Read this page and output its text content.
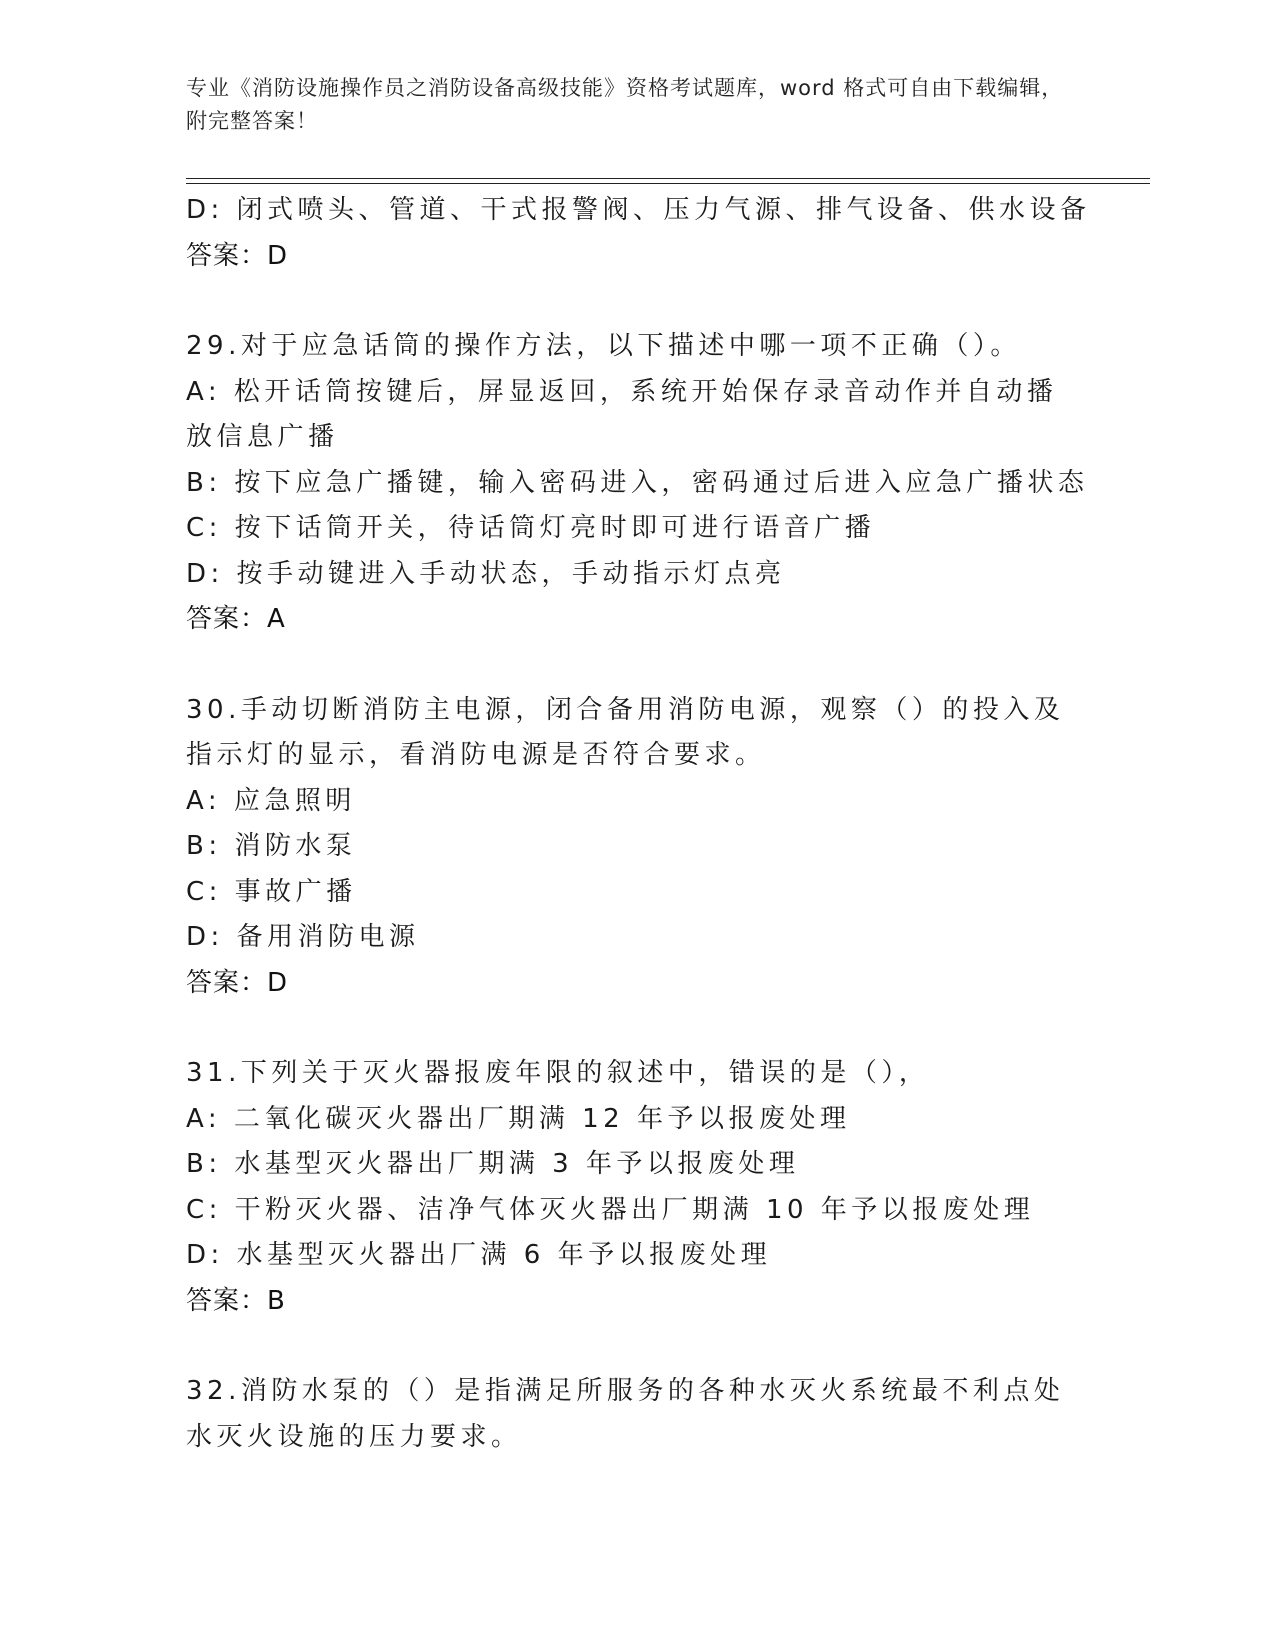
专业《消防设施操作员之消防设备高级技能》资格考试题库，word 格式可自由下载编辑，附完整答案！
D: 闭式喷头、管道、干式报警阀、压力气源、排气设备、供水设备
答案：D
29.对于应急话筒的操作方法，以下描述中哪一项不正确（）。
A: 松开话筒按键后，屏显返回，系统开始保存录音动作并自动播放信息广播
B: 按下应急广播键，输入密码进入，密码通过后进入应急广播状态
C: 按下话筒开关，待话筒灯亮时即可进行语音广播
D: 按手动键进入手动状态，手动指示灯点亮
答案：A
30.手动切断消防主电源，闭合备用消防电源，观察（）的投入及指示灯的显示，看消防电源是否符合要求。
A: 应急照明
B: 消防水泵
C: 事故广播
D: 备用消防电源
答案：D
31.下列关于灭火器报废年限的叙述中，错误的是（），
A: 二氧化碳灭火器出厂期满 12 年予以报废处理
B: 水基型灭火器出厂期满 3 年予以报废处理
C: 干粉灭火器、洁净气体灭火器出厂期满 10 年予以报废处理
D: 水基型灭火器出厂满 6 年予以报废处理
答案：B
32.消防水泵的（）是指满足所服务的各种水灭火系统最不利点处水灭火设施的压力要求。
